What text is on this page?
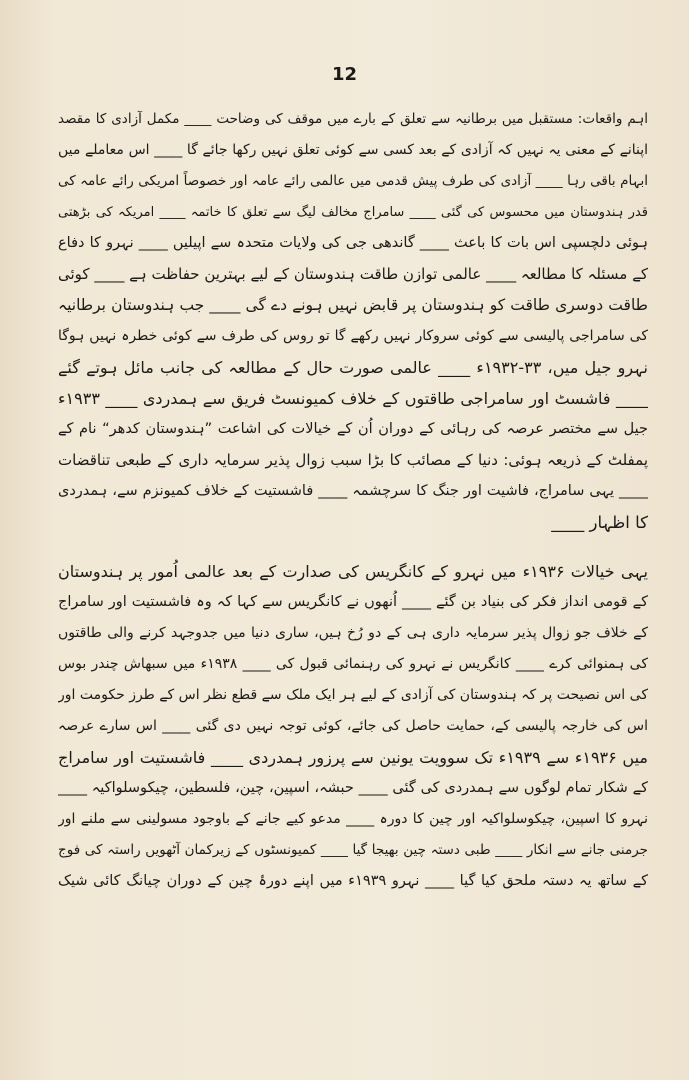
12
اہم واقعات: مستقبل میں برطانیہ سے تعلق کے بارے میں موقف کی وضاحت ____ مکمل آزادی کا مقصد
اپنانے کے معنی یہ نہیں کہ آزادی کے بعد کسی سے کوئی تعلق نہیں رکھا جائے گا ____ اس معاملے میں
ابہام باقی رہا ____ آزادی کی طرف پیش قدمی میں عالمی رائے عامہ اور خصوصاً امریکی رائے عامہ کی
قدر ہندوستان میں محسوس کی گئی ____ سامراج مخالف لیگ سے تعلق کا خاتمہ ____ امریکہ کی بڑھتی
ہوئی دلچسپی اس بات کا باعث ____ گاندھی جی کی ولایات متحدہ سے اپیلیں ____ نہرو کا دفاع
کے مسئلہ کا مطالعہ ____ عالمی توازن طاقت ہندوستان کے لیے بہترین حفاظت ہے ____ کوئی
طاقت دوسری طاقت کو ہندوستان پر قابض نہیں ہونے دے گی ____ جب ہندوستان برطانیہ
کی سامراجی پالیسی سے کوئی سروکار نہیں رکھے گا تو روس کی طرف سے کوئی خطرہ نہیں ہوگا
نہرو جیل میں، ۳۳-۱۹۳۲ء ____ عالمی صورت حال کے مطالعہ کی جانب مائل ہوتے گئے
____ فاشسٹ اور سامراجی طاقتوں کے خلاف کمیونسٹ فریق سے ہمدردی ____ ۱۹۳۳ء
جیل سے مختصر عرصہ کی رہائی کے دوران اُن کے خیالات کی اشاعت ”ہندوستان کدھر“ نام کے
پمفلٹ کے ذریعہ ہوئی: دنیا کے مصائب کا بڑا سبب زوال پذیر سرمایہ داری کے طبعی تناقضات
____ یہی سامراج، فاشیت اور جنگ کا سرچشمہ ____ فاشستیت کے خلاف کمیونزم سے، ہمدردی
کا اظہار ____
یہی خیالات ۱۹۳۶ء میں نہرو کے کانگریس کی صدارت کے بعد عالمی اُمور پر ہندوستان
کے قومی انداز فکر کی بنیاد بن گئے ____ اُنھوں نے کانگریس سے کہا کہ وہ فاشستیت اور سامراج
کے خلاف جو زوال پذیر سرمایہ داری ہی کے دو رُخ ہیں، ساری دنیا میں جدوجہد کرنے والی طاقتوں
کی ہمنوائی کرے ____ کانگریس نے نہرو کی رہنمائی قبول کی ____ ۱۹۳۸ء میں سبھاش چندر بوس
کی اس نصیحت پر کہ ہندوستان کی آزادی کے لیے ہر ایک ملک سے قطع نظر اس کے طرز حکومت اور
اس کی خارجہ پالیسی کے، حمایت حاصل کی جائے، کوئی توجہ نہیں دی گئی ____ اس سارے عرصہ
میں ۱۹۳۶ء سے ۱۹۳۹ء تک سوویت یونین سے پرزور ہمدردی ____ فاشستیت اور سامراج
کے شکار تمام لوگوں سے ہمدردی کی گئی ____ حبشہ، اسپین، چین، فلسطین، چیکوسلواکیہ ____
نہرو کا اسپین، چیکوسلواکیہ اور چین کا دورہ ____ مدعو کیے جانے کے باوجود مسولینی سے ملنے اور
جرمنی جانے سے انکار ____ طبی دستہ چین بھیجا گیا ____ کمیونسٹوں کے زیرکمان آٹھویں راستہ کی فوج
کے ساتھ یہ دستہ ملحق کیا گیا ____ نہرو ۱۹۳۹ء میں اپنے دورۂ چین کے دوران چیانگ کائی شیک
